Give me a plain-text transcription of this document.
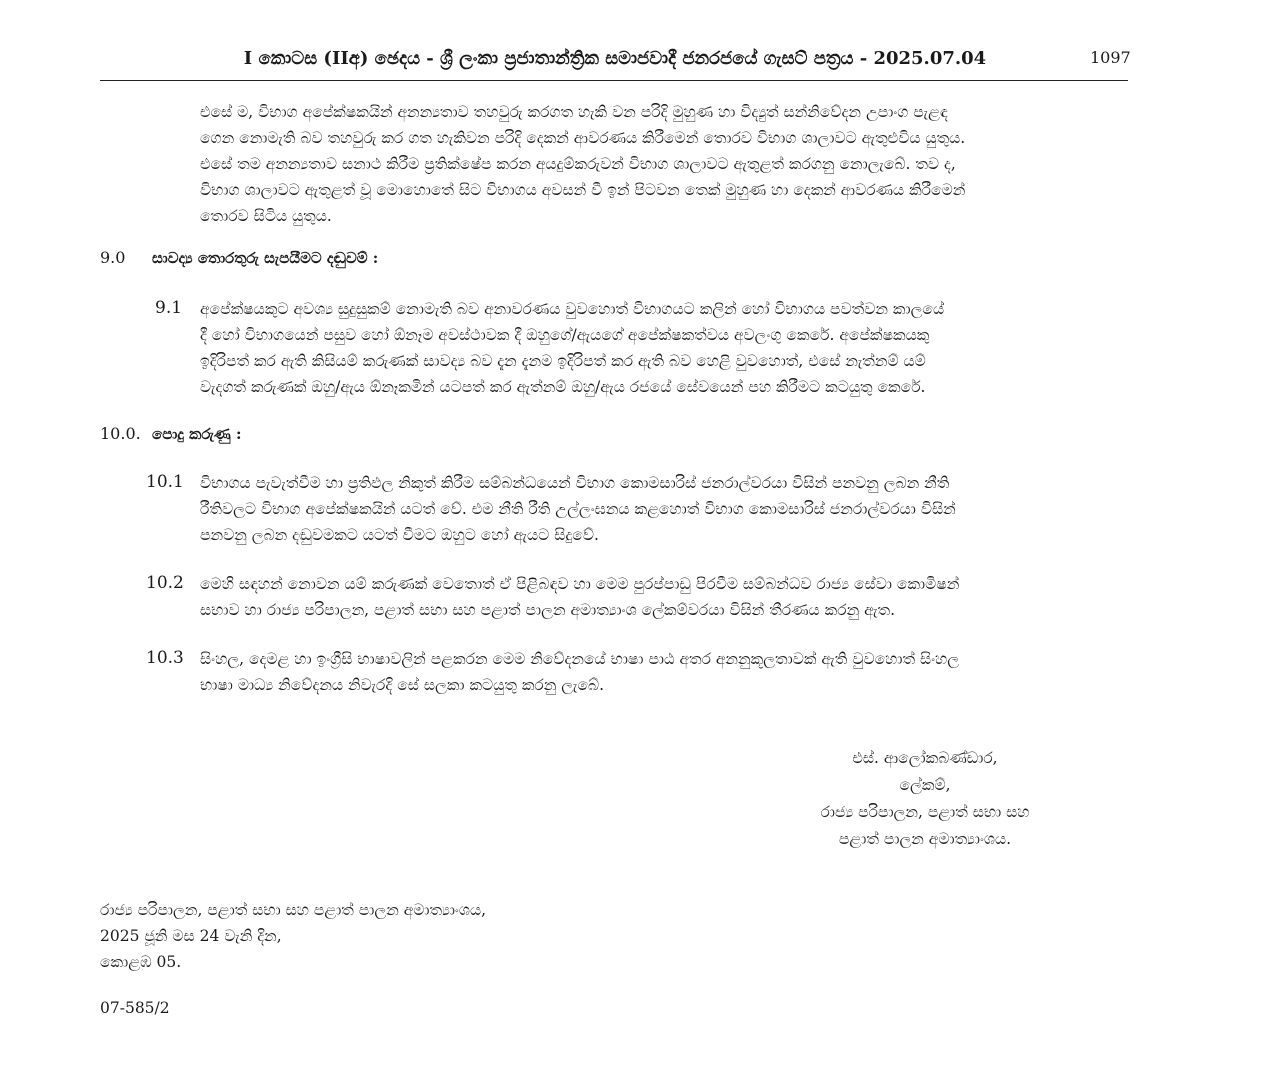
I කොටස (IIඅ) ඡෙදය - ශ්‍රී ලංකා ප්‍රජාතාන්ත්‍රික සමාජවාදී ජනරජයේ ගැසට් පත්‍රය - 2025.07.04	1097
එසේ ම, විභාග අපේක්ෂකයින් අනන්‍යතාව තහවුරු කරගත හැකි වන පරිදි මුහුණ හා විද්‍යුත් සන්නිවේදන උපාංග පැළඳ
ගෙන නොමැති බව තහවුරු කර ගත හැකිවන පරිදි දෙකන් ආවරණය කිරීමෙන් තොරව විභාග ශාලාවට ඇතුළුවිය යුතුය.
එසේ තම අනන්‍යතාව සනාථ කිරීම ප්‍රතික්ෂේප කරන අයදුම්කරුවන් විභාග ශාලාවට ඇතුළත් කරගනු නොලැබේ. තව ද,
විභාග ශාලාවට ඇතුළත් වූ මොහොතේ සිට විභාගය අවසන් වී ඉන් පිටවන තෙක් මුහුණ හා දෙකන් ආවරණය කිරීමෙන්
තොරව සිටිය යුතුය.
9.0 සාවද්‍ය තොරතුරු සැපයීමට දඬුවම් :
9.1 අපේක්ෂයකුට අවශ්‍ය සුදුසුකම් නොමැති බව අනාවරණය වුවහොත් විභාගයට කලින් හෝ විභාගය පවත්වන කාලයේ
දී හෝ විභාගයෙන් පසුව හෝ ඕනෑම අවස්ථාවක දී ඔහුගේ/ඇයගේ අපේක්ෂකත්වය අවලංගු කෙරේ. අපේක්ෂකයකු
ඉදිරිපත් කර ඇති කිසියම් කරුණක් සාවද්‍ය බව දැන දැනම ඉදිරිපත් කර ඇති බව හෙළි වුවහොත්, එසේ නැත්නම් යම්
වැදගත් කරුණක් ඔහු/ඇය ඕනෑකමින් යටපත් කර ඇත්නම් ඔහු/ඇය රජයේ සේවයෙන් පහ කිරීමට කටයුතු කෙරේ.
10.0. පොදු කරුණු :
10.1 විභාගය පැවැත්වීම හා ප්‍රතිඵල නිකුත් කිරීම සම්බන්ධයෙන් විභාග කොමසාරිස් ජනරාල්වරයා විසින් පනවනු ලබන නීති
රීතිවලට විභාග අපේක්ෂකයින් යටත් වේ. එම නීති රීති උල්ලංඝනය කළහොත් විභාග කොමසාරිස් ජනරාල්වරයා විසින්
පනවනු ලබන දඬුවමකට යටත් වීමට ඔහුට හෝ ඇයට සිදුවේ.
10.2 මෙහි සඳහන් නොවන යම් කරුණක් වෙතොත් ඒ පිළිබඳව හා මෙම පුරප්පාඩු පිරවීම සම්බන්ධව රාජ්‍ය සේවා කොමිෂන්
සභාව හා රාජ්‍ය පරිපාලන, පළාත් සභා සහ පළාත් පාලන අමාත්‍යාංශ ලේකම්වරයා විසින් තීරණය කරනු ඇත.
10.3 සිංහල, දෙමළ හා ඉංග්‍රීසි භාෂාවලින් පළකරන මෙම නිවේදනයේ භාෂා පාඨ අතර අනනුකූලතාවක් ඇති වුවහොත් සිංහල
භාෂා මාධ්‍ය නිවේදනය නිවැරදි සේ සලකා කටයුතු කරනු ලැබේ.
එස්. ආලෝකබණ්ඩාර,
ලේකම්,
රාජ්‍ය පරිපාලන, පළාත් සභා සහ
පළාත් පාලන අමාත්‍යාංශය.
රාජ්‍ය පරිපාලන, පළාත් සභා සහ පළාත් පාලන අමාත්‍යාංශය,
2025 ජූනි මස 24 වැනි දින,
කොළඹ 05.
07-585/2
